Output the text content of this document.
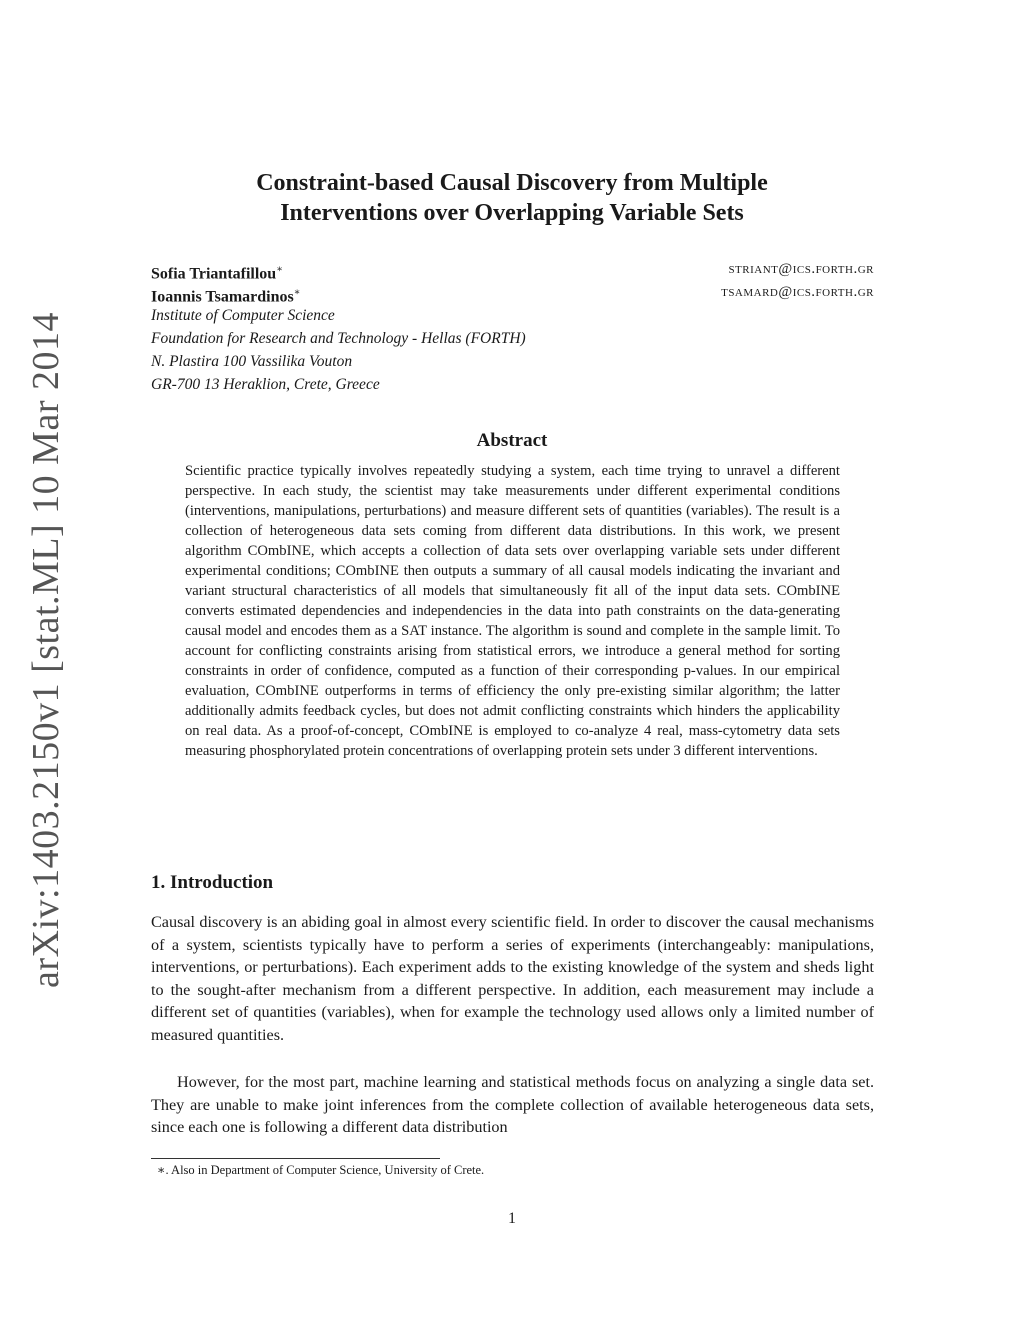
arXiv:1403.2150v1 [stat.ML] 10 Mar 2014
Constraint-based Causal Discovery from Multiple
Interventions over Overlapping Variable Sets
Sofia Triantafillou∗	striant@ics.forth.gr
Ioannis Tsamardinos∗	tsamard@ics.forth.gr
Institute of Computer Science
Foundation for Research and Technology - Hellas (FORTH)
N. Plastira 100 Vassilika Vouton
GR-700 13 Heraklion, Crete, Greece
Abstract

Scientific practice typically involves repeatedly studying a system, each time trying to unravel a different perspective. In each study, the scientist may take measurements under different experimental conditions (interventions, manipulations, perturbations) and measure different sets of quantities (variables). The result is a collection of heterogeneous data sets coming from different data distributions. In this work, we present algorithm COmbINE, which accepts a collection of data sets over overlapping variable sets under different experimental conditions; COmbINE then outputs a summary of all causal models indicating the invariant and variant structural characteristics of all models that simultaneously fit all of the input data sets. COmbINE converts estimated dependencies and independencies in the data into path constraints on the data-generating causal model and encodes them as a SAT instance. The algorithm is sound and complete in the sample limit. To account for conflicting constraints arising from statistical errors, we introduce a general method for sorting constraints in order of confidence, computed as a function of their corresponding p-values. In our empirical evaluation, COmbINE outperforms in terms of efficiency the only pre-existing similar algorithm; the latter additionally admits feedback cycles, but does not admit conflicting constraints which hinders the applicability on real data. As a proof-of-concept, COmbINE is employed to co-analyze 4 real, mass-cytometry data sets measuring phosphorylated protein concentrations of overlapping protein sets under 3 different interventions.

1. Introduction

Causal discovery is an abiding goal in almost every scientific field. In order to discover the causal mechanisms of a system, scientists typically have to perform a series of experiments (interchangeably: manipulations, interventions, or perturbations). Each experiment adds to the existing knowledge of the system and sheds light to the sought-after mechanism from a different perspective. In addition, each measurement may include a different set of quantities (variables), when for example the technology used allows only a limited number of measured quantities.

However, for the most part, machine learning and statistical methods focus on analyzing a single data set. They are unable to make joint inferences from the complete collection of available heterogeneous data sets, since each one is following a different data distribution

∗. Also in Department of Computer Science, University of Crete.

1
